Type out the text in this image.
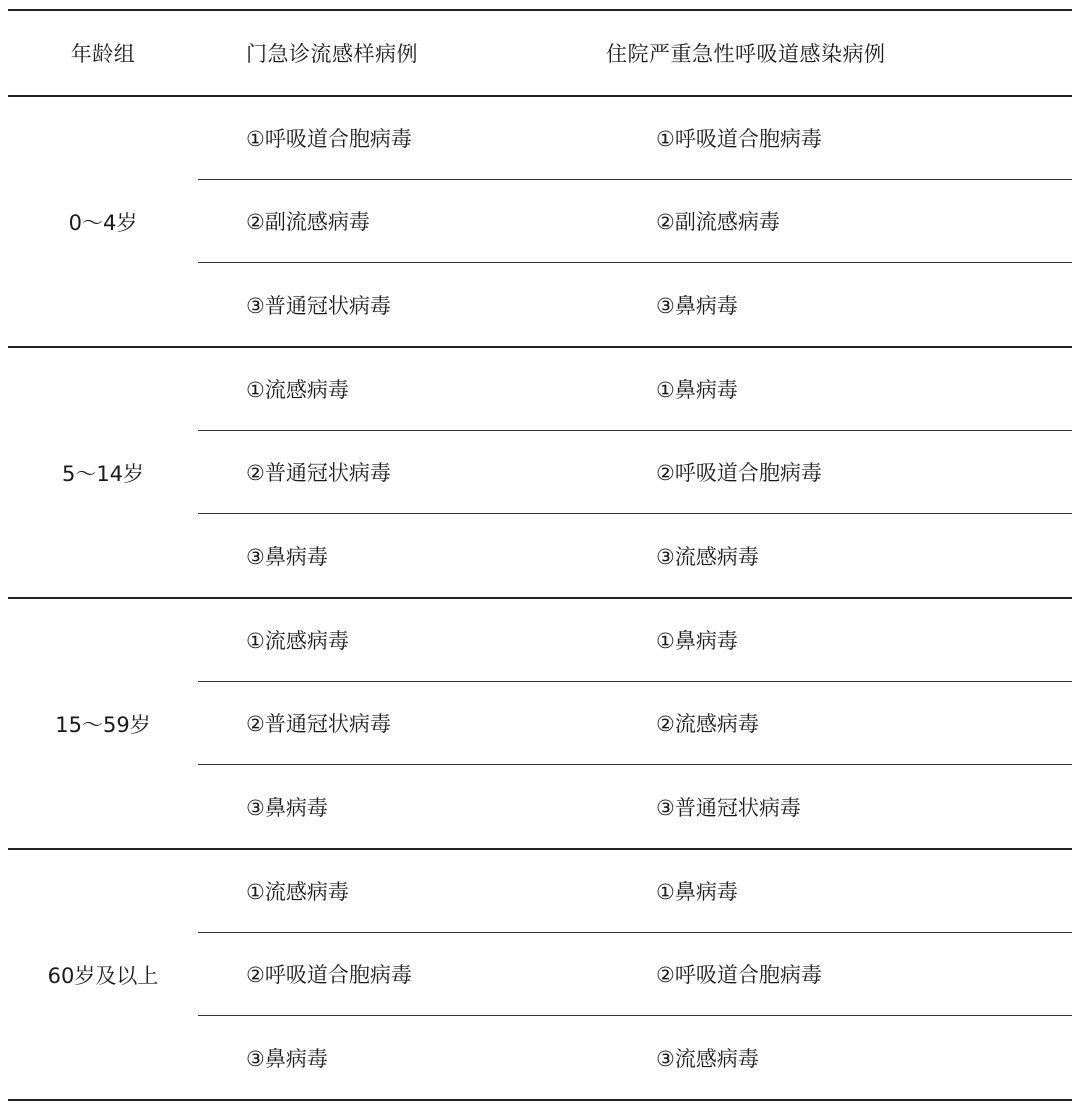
年龄组	门急诊流感样病例	住院严重急性呼吸道感染病例
0～4岁
①呼吸道合胞病毒	①呼吸道合胞病毒
②副流感病毒	②副流感病毒
③普通冠状病毒	③鼻病毒
5～14岁
①流感病毒	①鼻病毒
②普通冠状病毒	②呼吸道合胞病毒
③鼻病毒	③流感病毒
15～59岁
①流感病毒	①鼻病毒
②普通冠状病毒	②流感病毒
③鼻病毒	③普通冠状病毒
60岁及以上
①流感病毒	①鼻病毒
②呼吸道合胞病毒	②呼吸道合胞病毒
③鼻病毒	③流感病毒
